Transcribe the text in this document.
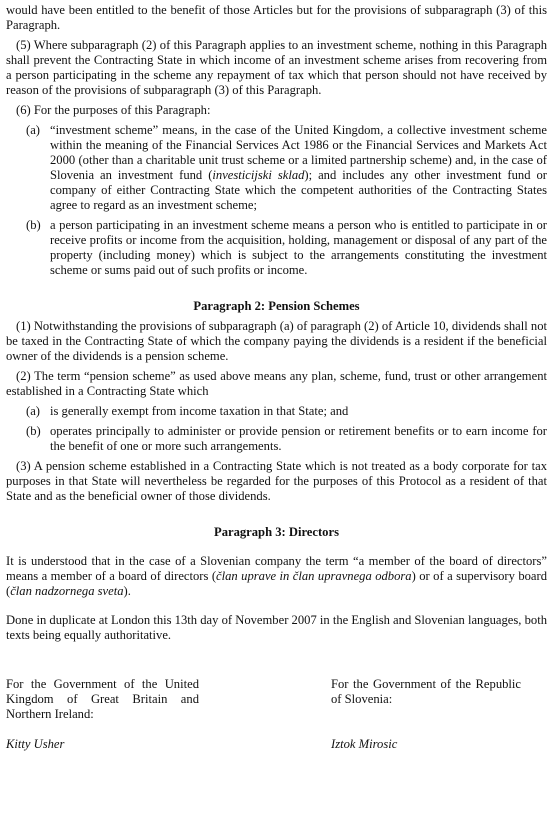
would have been entitled to the benefit of those Articles but for the provisions of subparagraph (3) of this Paragraph.

(5) Where subparagraph (2) of this Paragraph applies to an investment scheme, nothing in this Paragraph shall prevent the Contracting State in which income of an investment scheme arises from recovering from a person participating in the scheme any repayment of tax which that person should not have received by reason of the provisions of subparagraph (3) of this Paragraph.

(6) For the purposes of this Paragraph:

(a) “investment scheme” means, in the case of the United Kingdom, a collective investment scheme within the meaning of the Financial Services Act 1986 or the Financial Services and Markets Act 2000 (other than a charitable unit trust scheme or a limited partnership scheme) and, in the case of Slovenia an investment fund (investicijski sklad); and includes any other investment fund or company of either Contracting State which the competent authorities of the Contracting States agree to regard as an investment scheme;
(b) a person participating in an investment scheme means a person who is entitled to participate in or receive profits or income from the acquisition, holding, management or disposal of any part of the property (including money) which is subject to the arrangements constituting the investment scheme or sums paid out of such profits or income.

Paragraph 2: Pension Schemes

(1) Notwithstanding the provisions of subparagraph (a) of paragraph (2) of Article 10, dividends shall not be taxed in the Contracting State of which the company paying the dividends is a resident if the beneficial owner of the dividends is a pension scheme.

(2) The term “pension scheme” as used above means any plan, scheme, fund, trust or other arrangement established in a Contracting State which

(a) is generally exempt from income taxation in that State; and
(b) operates principally to administer or provide pension or retirement benefits or to earn income for the benefit of one or more such arrangements.

(3) A pension scheme established in a Contracting State which is not treated as a body corporate for tax purposes in that State will nevertheless be regarded for the purposes of this Protocol as a resident of that State and as the beneficial owner of those dividends.

Paragraph 3: Directors

It is understood that in the case of a Slovenian company the term “a member of the board of directors” means a member of a board of directors (član uprave in član upravnega odbora) or of a supervisory board (član nadzornega sveta).

Done in duplicate at London this 13th day of November 2007 in the English and Slovenian languages, both texts being equally authoritative.

For the Government of the United Kingdom of Great Britain and Northern Ireland:

Kitty Usher

For the Government of the Republic of Slovenia:

Iztok Mirosic
